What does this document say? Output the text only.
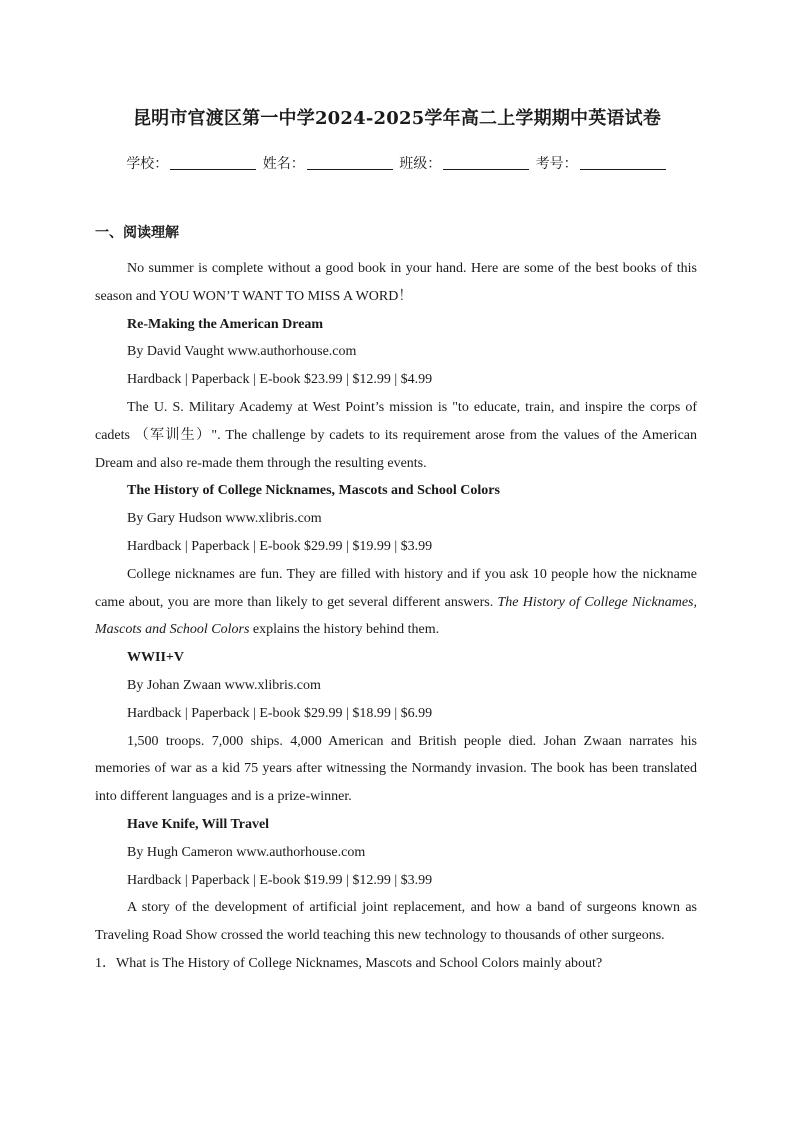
昆明市官渡区第一中学2024-2025学年高二上学期期中英语试卷
学校：	姓名：	班级：	考号：
一、阅读理解

No summer is complete without a good book in your hand. Here are some of the best books of this season and YOU WON’T WANT TO MISS A WORD！

Re-Making the American Dream

By David Vaught www.authorhouse.com

Hardback | Paperback | E-book $23.99 | $12.99 | $4.99

The U. S. Military Academy at West Point’s mission is "to educate, train, and inspire the corps of cadets （军训生）". The challenge by cadets to its requirement arose from the values of the American Dream and also re-made them through the resulting events.

The History of College Nicknames, Mascots and School Colors

By Gary Hudson www.xlibris.com

Hardback | Paperback | E-book $29.99 | $19.99 | $3.99

College nicknames are fun. They are filled with history and if you ask 10 people how the nickname came about, you are more than likely to get several different answers. The History of College Nicknames, Mascots and School Colors explains the history behind them.

WWII+V

By Johan Zwaan www.xlibris.com

Hardback | Paperback | E-book $29.99 | $18.99 | $6.99

1,500 troops. 7,000 ships. 4,000 American and British people died. Johan Zwaan narrates his memories of war as a kid 75 years after witnessing the Normandy invasion. The book has been translated into different languages and is a prize-winner.

Have Knife, Will Travel

By Hugh Cameron www.authorhouse.com

Hardback | Paperback | E-book $19.99 | $12.99 | $3.99

A story of the development of artificial joint replacement, and how a band of surgeons known as Traveling Road Show crossed the world teaching this new technology to thousands of other surgeons.

1．What is The History of College Nicknames, Mascots and School Colors mainly about?
